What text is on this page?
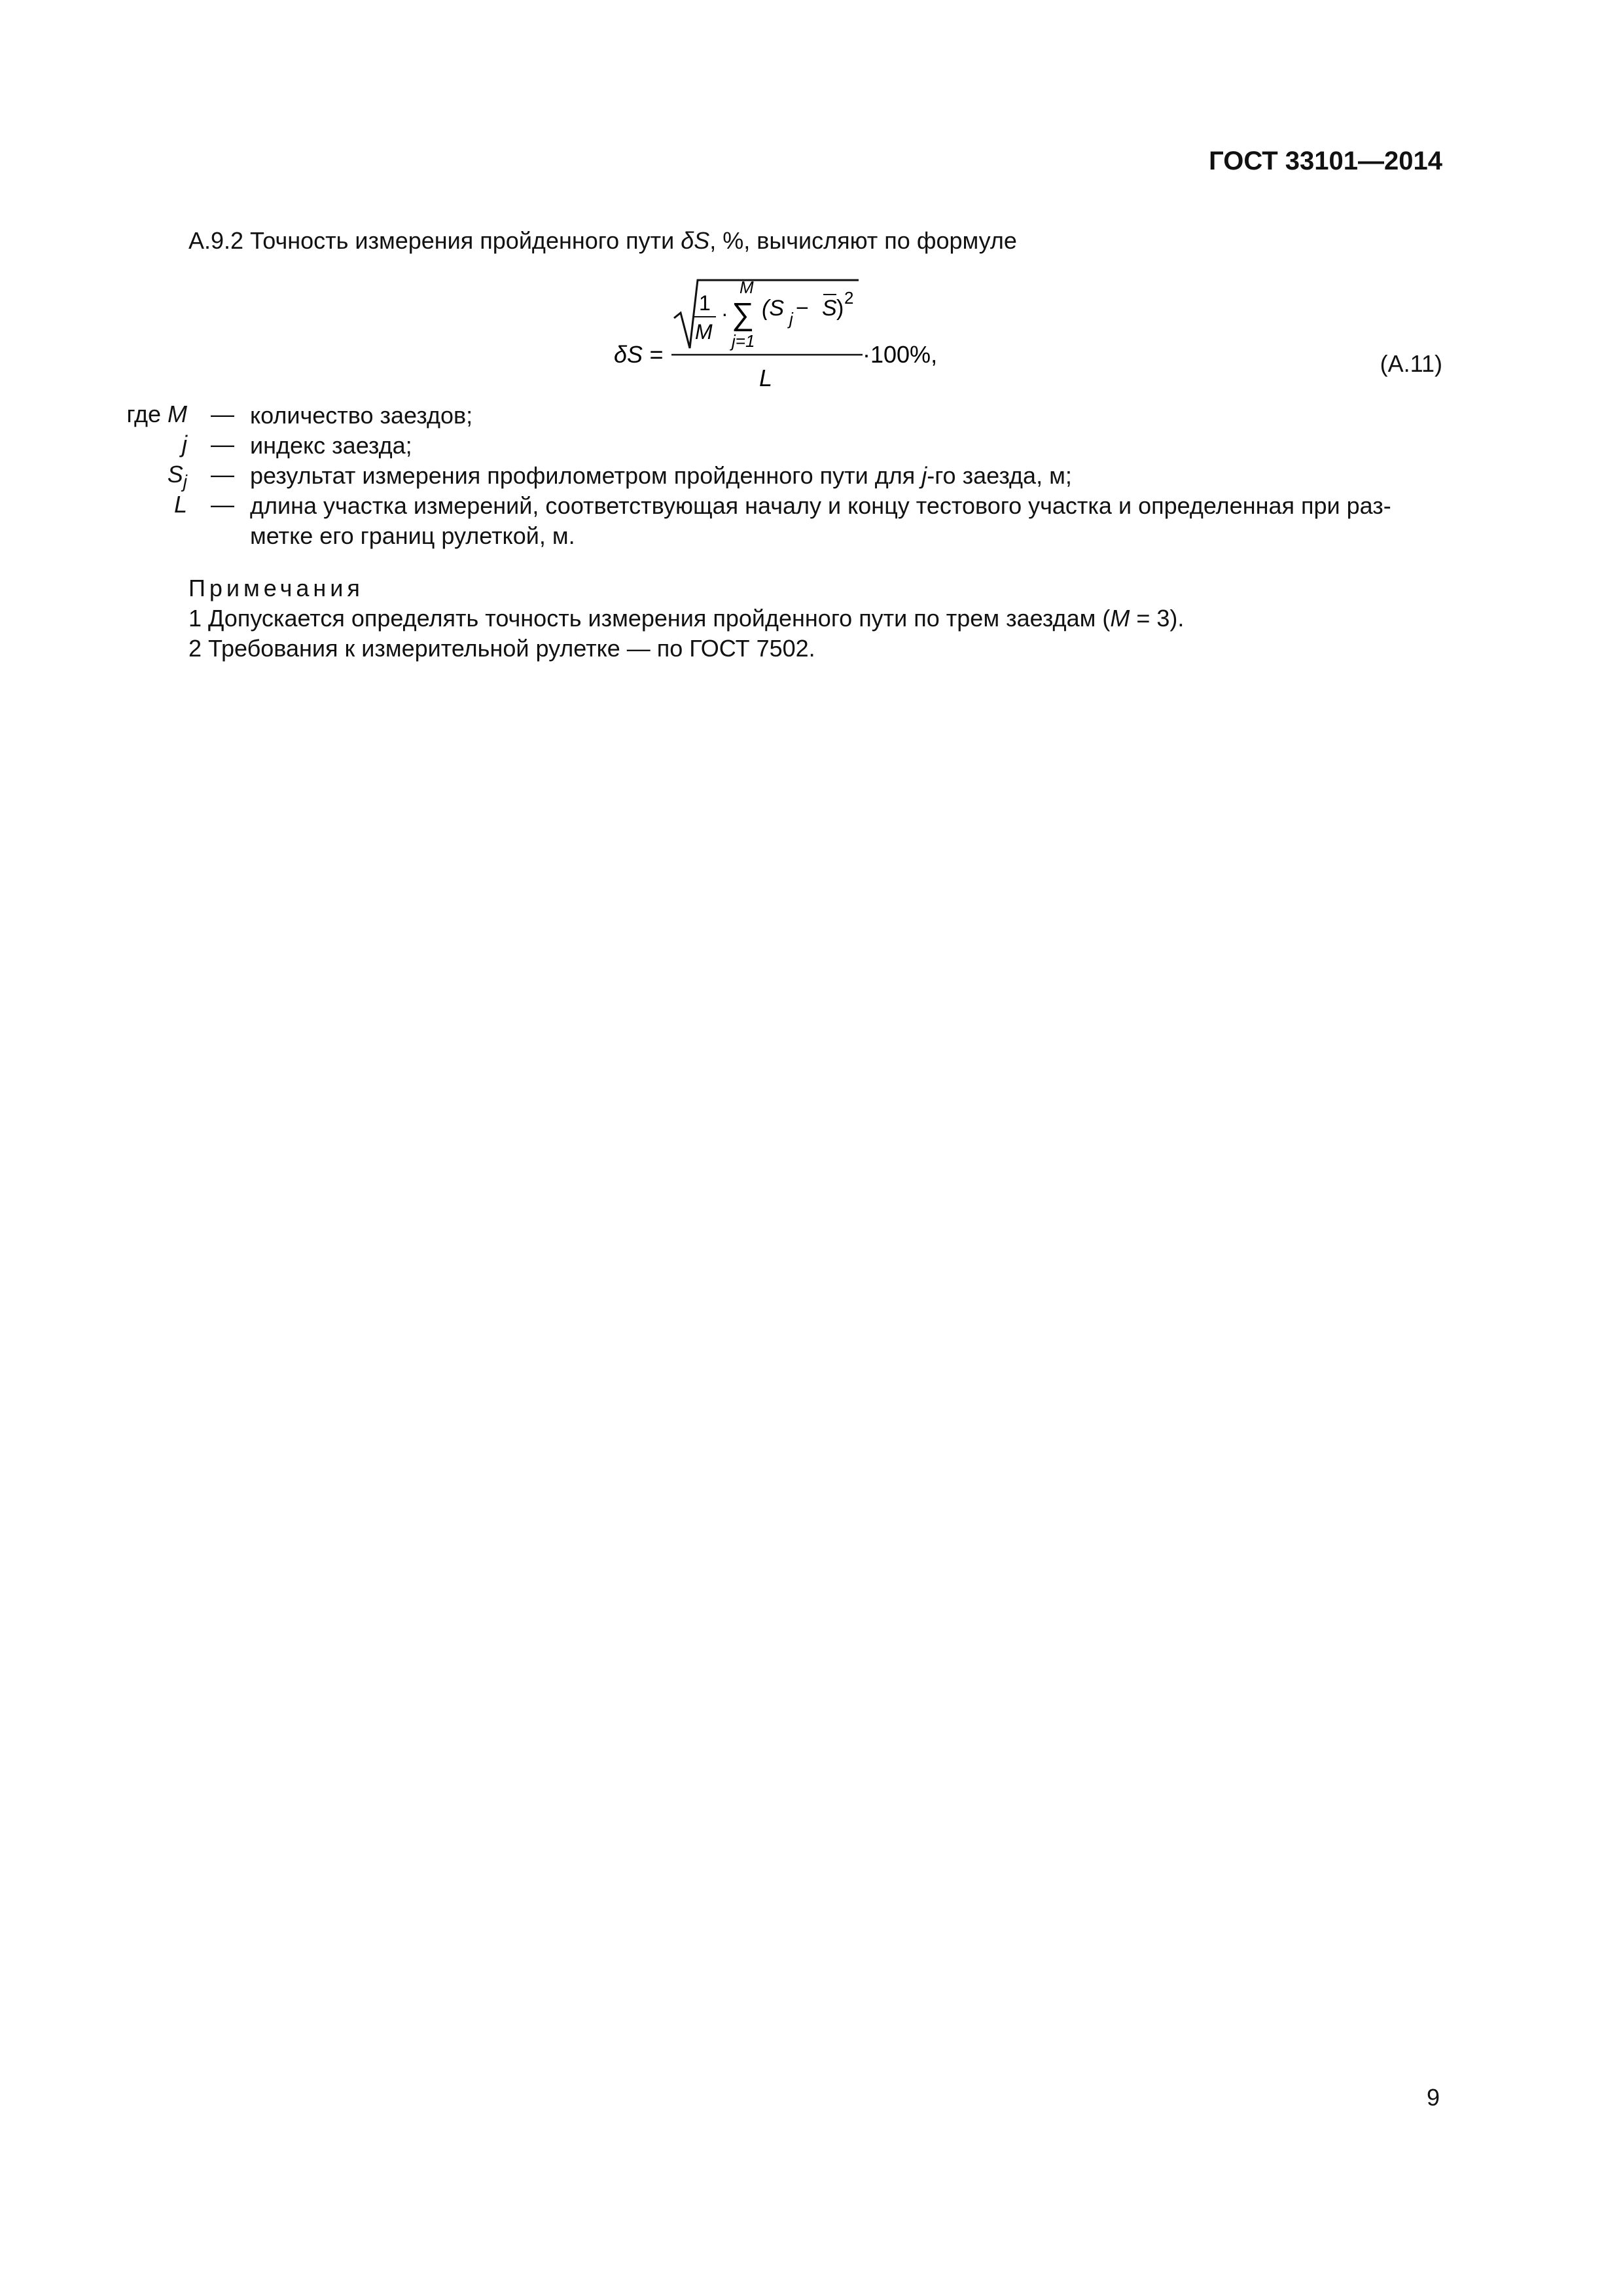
ГОСТ 33101—2014
А.9.2 Точность измерения пройденного пути δS, %, вычисляют по формуле
δS =
1
M
·
M
∑
j=1
(S j − S ) 2
L
·100%,	(А.11)
где M — количество заездов;
j — индекс заезда;
$S_j$ — результат измерения профилометром пройденного пути для j-го заезда, м;
L — длина участка измерений, соответствующая началу и концу тестового участка и определенная при раз-метке его границ рулеткой, м.
Примечания
1 Допускается определять точность измерения пройденного пути по трем заездам (M = 3).
2 Требования к измерительной рулетке — по ГОСТ 7502.
9
